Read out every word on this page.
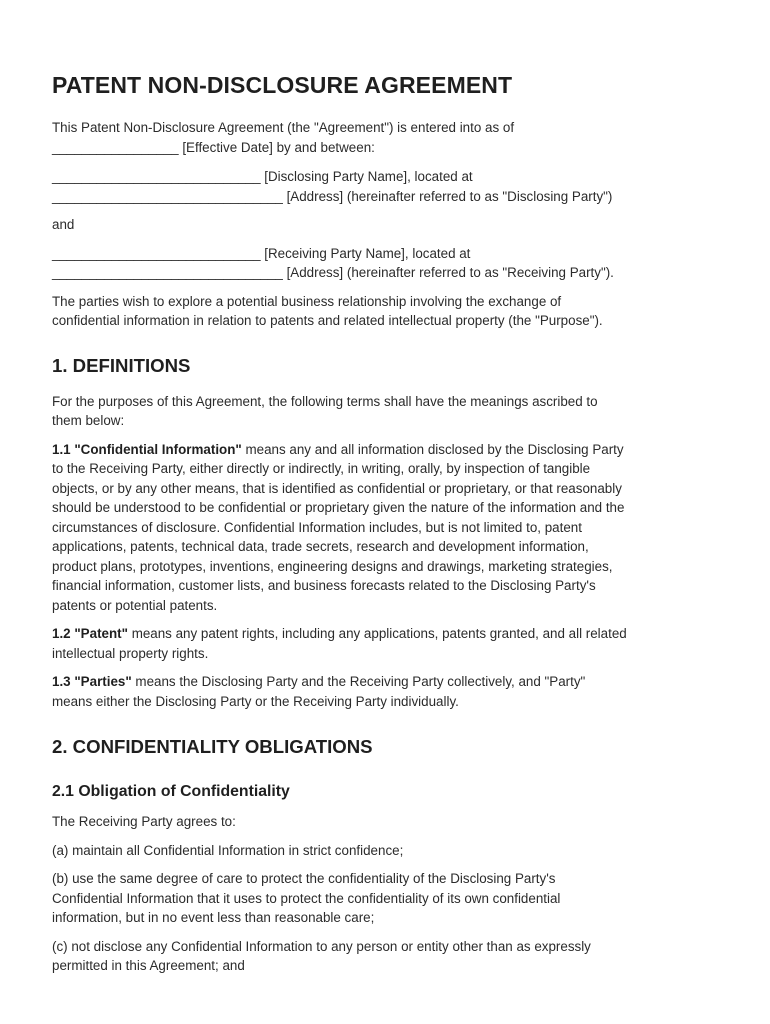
PATENT NON-DISCLOSURE AGREEMENT

This Patent Non-Disclosure Agreement (the "Agreement") is entered into as of
_________________ [Effective Date] by and between:

____________________________ [Disclosing Party Name], located at
_______________________________ [Address] (hereinafter referred to as "Disclosing Party")

and

____________________________ [Receiving Party Name], located at
_______________________________ [Address] (hereinafter referred to as "Receiving Party").

The parties wish to explore a potential business relationship involving the exchange of
confidential information in relation to patents and related intellectual property (the "Purpose").

1. DEFINITIONS

For the purposes of this Agreement, the following terms shall have the meanings ascribed to
them below:

1.1 "Confidential Information" means any and all information disclosed by the Disclosing Party
to the Receiving Party, either directly or indirectly, in writing, orally, by inspection of tangible
objects, or by any other means, that is identified as confidential or proprietary, or that reasonably
should be understood to be confidential or proprietary given the nature of the information and the
circumstances of disclosure. Confidential Information includes, but is not limited to, patent
applications, patents, technical data, trade secrets, research and development information,
product plans, prototypes, inventions, engineering designs and drawings, marketing strategies,
financial information, customer lists, and business forecasts related to the Disclosing Party's
patents or potential patents.

1.2 "Patent" means any patent rights, including any applications, patents granted, and all related
intellectual property rights.

1.3 "Parties" means the Disclosing Party and the Receiving Party collectively, and "Party"
means either the Disclosing Party or the Receiving Party individually.

2. CONFIDENTIALITY OBLIGATIONS
2.1 Obligation of Confidentiality

The Receiving Party agrees to:

(a) maintain all Confidential Information in strict confidence;

(b) use the same degree of care to protect the confidentiality of the Disclosing Party's
Confidential Information that it uses to protect the confidentiality of its own confidential
information, but in no event less than reasonable care;

(c) not disclose any Confidential Information to any person or entity other than as expressly
permitted in this Agreement; and
